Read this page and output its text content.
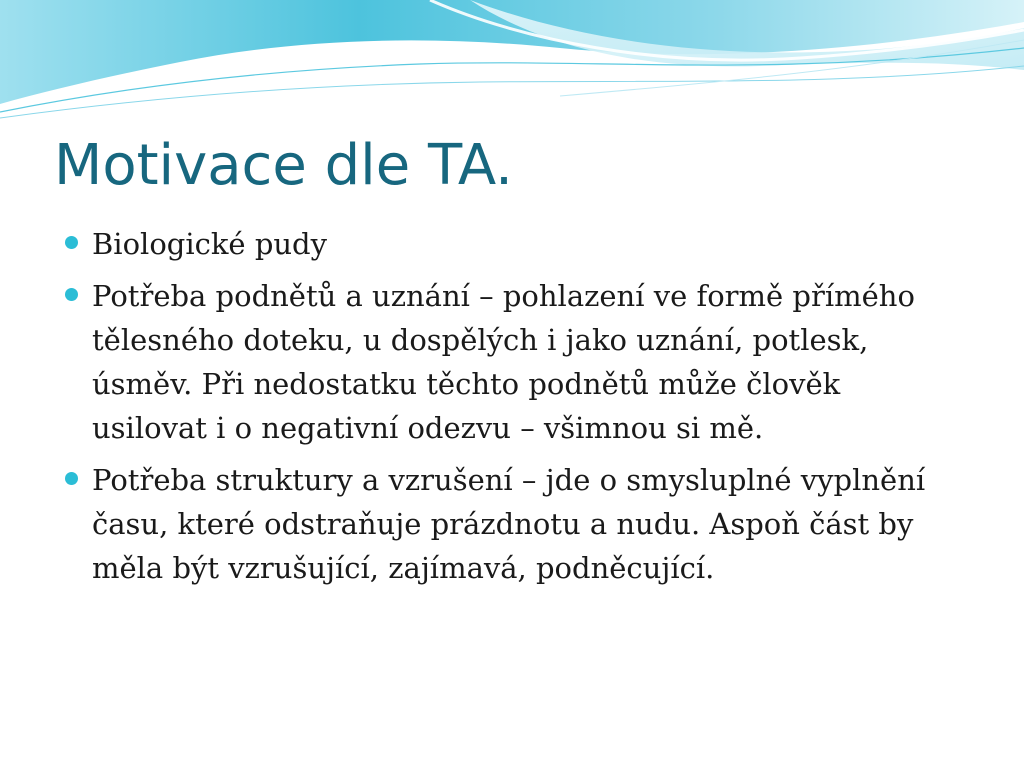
Motivace dle TA.
Biologické pudy
Potřeba podnětů a uznání – pohlazení ve formě přímého tělesného doteku, u dospělých i jako uznání, potlesk, úsměv. Při nedostatku těchto podnětů může člověk usilovat i o negativní odezvu – všimnou si mě.
Potřeba struktury a vzrušení – jde o smysluplné vyplnění času, které odstraňuje prázdnotu a nudu. Aspoň část by měla být vzrušující, zajímavá, podněcující.
